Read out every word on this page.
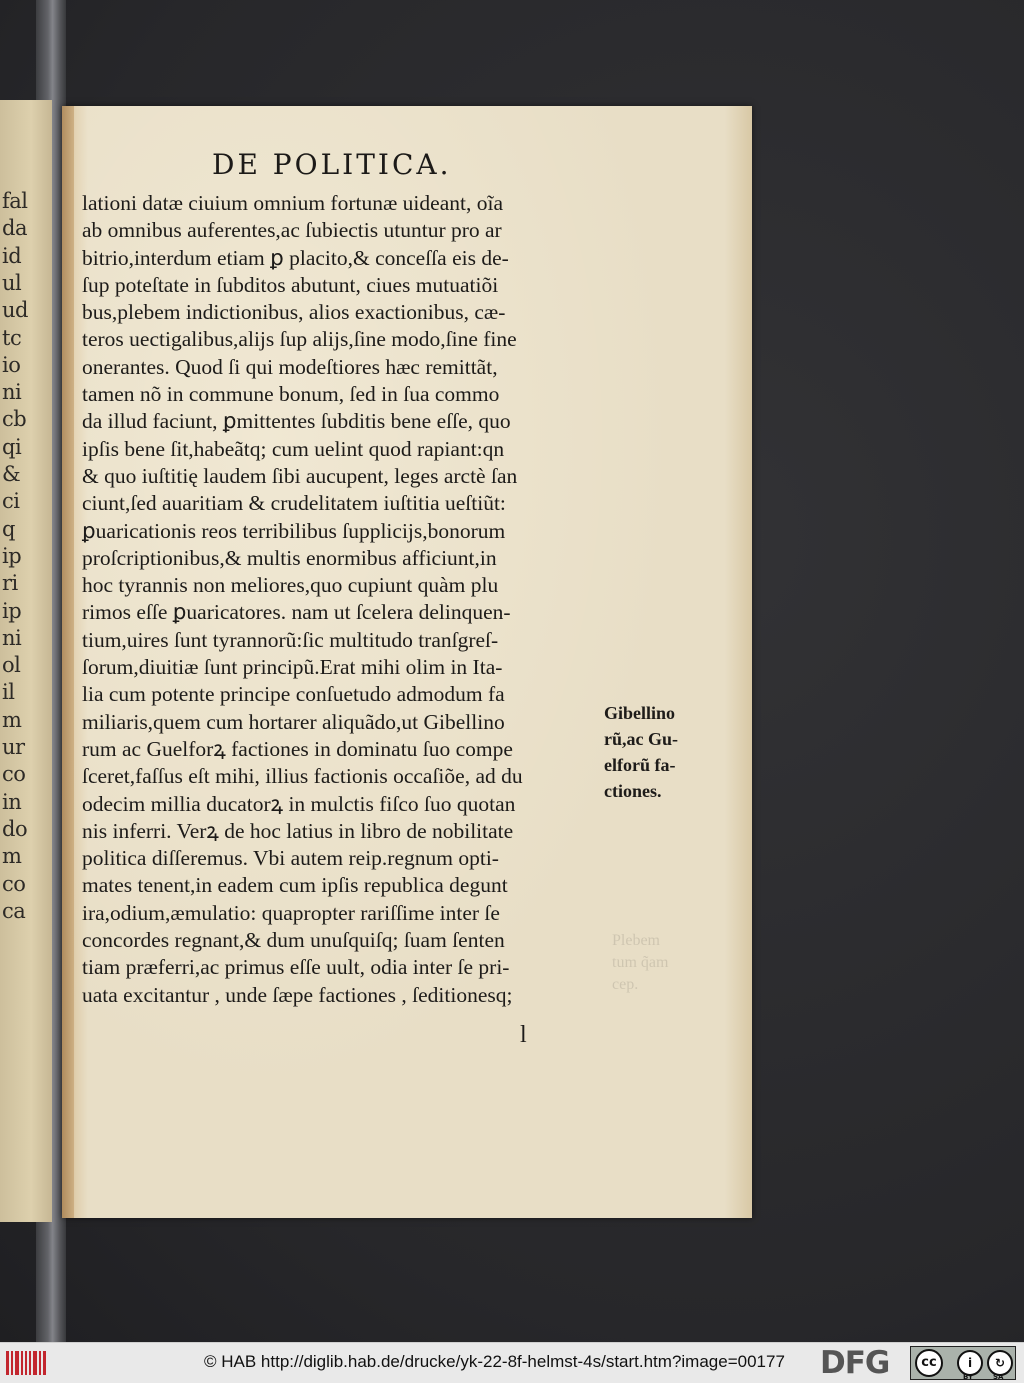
fal
da
id
ul
ud
tc
io
ni
cb
qi
&
ci
q
ip
ri
ip
ni
ol
il
m
ur
co
in
do
m
co
ca
DE POLITICA.
lationi datæ ciuium omnium fortunæ uideant, oĩa
ab omnibus auferentes,ac ſubiectis utuntur pro ar
bitrio,interdum etiam ꝑ placito,& conceſſa eis de-
ſup poteſtate in ſubditos abutunt, ciues mutuatiõi
bus,plebem indictionibus, alios exactionibus, cæ-
teros uectigalibus,alijs ſup alijs,ſine modo,ſine fine
onerantes. Quod ſi qui modeſtiores hæc remittãt,
tamen nõ in commune bonum, ſed in ſua commo
da illud faciunt, ꝑmittentes ſubditis bene eſſe, quo
ipſis bene ſit,habeãtq; cum uelint quod rapiant:qn
& quo iuſtitię laudem ſibi aucupent, leges arctè ſan
ciunt,ſed auaritiam & crudelitatem iuſtitia ueſtiũt:
ꝑuaricationis reos terribilibus ſupplicijs,bonorum
proſcriptionibus,& multis enormibus afficiunt,in
hoc tyrannis non meliores,quo cupiunt quàm plu
rimos eſſe ꝑuaricatores. nam ut ſcelera delinquen-
tium,uires ſunt tyrannorũ:ſic multitudo tranſgreſ-
ſorum,diuitiæ ſunt principũ.Erat mihi olim in Ita-
lia cum potente principe conſuetudo admodum fa
miliaris,quem cum hortarer aliquãdo,ut Gibellino
rum ac Guelforꝝ factiones in dominatu ſuo compe
ſceret,faſſus eſt mihi, illius factionis occaſiõe, ad du
odecim millia ducatorꝝ in mulctis fiſco ſuo quotan
nis inferri. Verꝝ de hoc latius in libro de nobilitate
politica diſſeremus. Vbi autem reip.regnum opti-
mates tenent,in eadem cum ipſis republica degunt
ira,odium,æmulatio: quapropter rariſſime inter ſe
concordes regnant,& dum unuſquiſq; ſuam ſenten
tiam præferri,ac primus eſſe uult, odia inter ſe pri-
uata excitantur , unde ſæpe factiones , ſeditionesq;
Gibellino
rũ,ac Gu-
elforũ fa-
ctiones.
Plebem
tum q̃am
cep.
l
© HAB http://diglib.hab.de/drucke/yk-22-8f-helmst-4s/start.htm?image=00177 DFG	cc	i	↻
BY	SA
